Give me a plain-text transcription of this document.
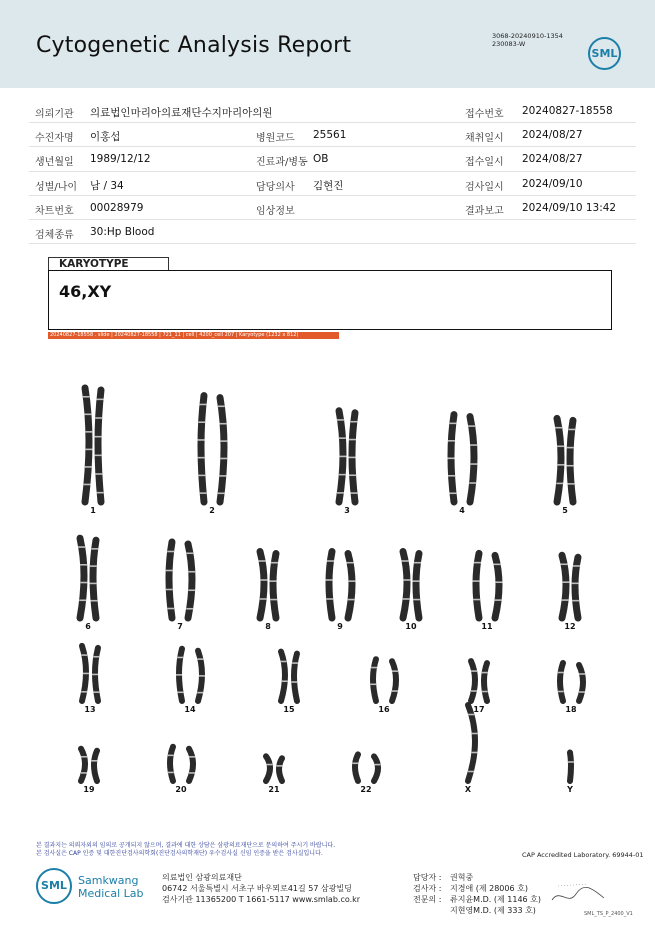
Cytogenetic Analysis Report	3068-20240910-1354
230083-W
SML
의뢰기관 의료법인마리아의료재단수지마리아의원	접수번호 20240827-18558
수진자명 이홍섭	병원코드 25561	채취일시 2024/08/27
생년월일 1989/12/12	진료과/병동 OB	접수일시 2024/08/27
성별/나이 남 / 34	담당의사 김현진	검사일시 2024/09/10
차트번호 00028979	임상정보	결과보고 2024/09/10 13:42
검체종류 30:Hp Blood
KARYOTYPE
46,XY
20240827-18558 . slide | 20240827-18558 | 721_11 | cell | 4200_cell 207 | Karyotype (1232 x 812)
1	2	3	4	5
6	7	8	9	10	11	12
13	14	15	16	17	18
19	20	21	22	X	Y
본 결과지는 의뢰자외의 임의로 공개되지 않으며, 결과에 대한 상담은 삼광의료재단으로 문의하여 주시기 바랍니다.
본 검사실은 CAP 인증 및 대한진단검사의학회(진단검사의학재단) 우수검사실 신임 인증을 받은 검사실입니다.	CAP Accredited Laboratory. 69944-01
SML	Samkwang
Medical Lab
의료법인 삼광의료재단
06742 서울특별시 서초구 바우뫼로41길 57 삼광빌딩
검사기관 11365200 T 1661-5117 www.smlab.co.kr
담당자 : 권혁중
검사자 : 지경애 (제 28006 호)
전문의 : 류지윤M.D. (제 1146 호)
지현영M.D. (제 333 호)	SML_TS_P_2400_V1
